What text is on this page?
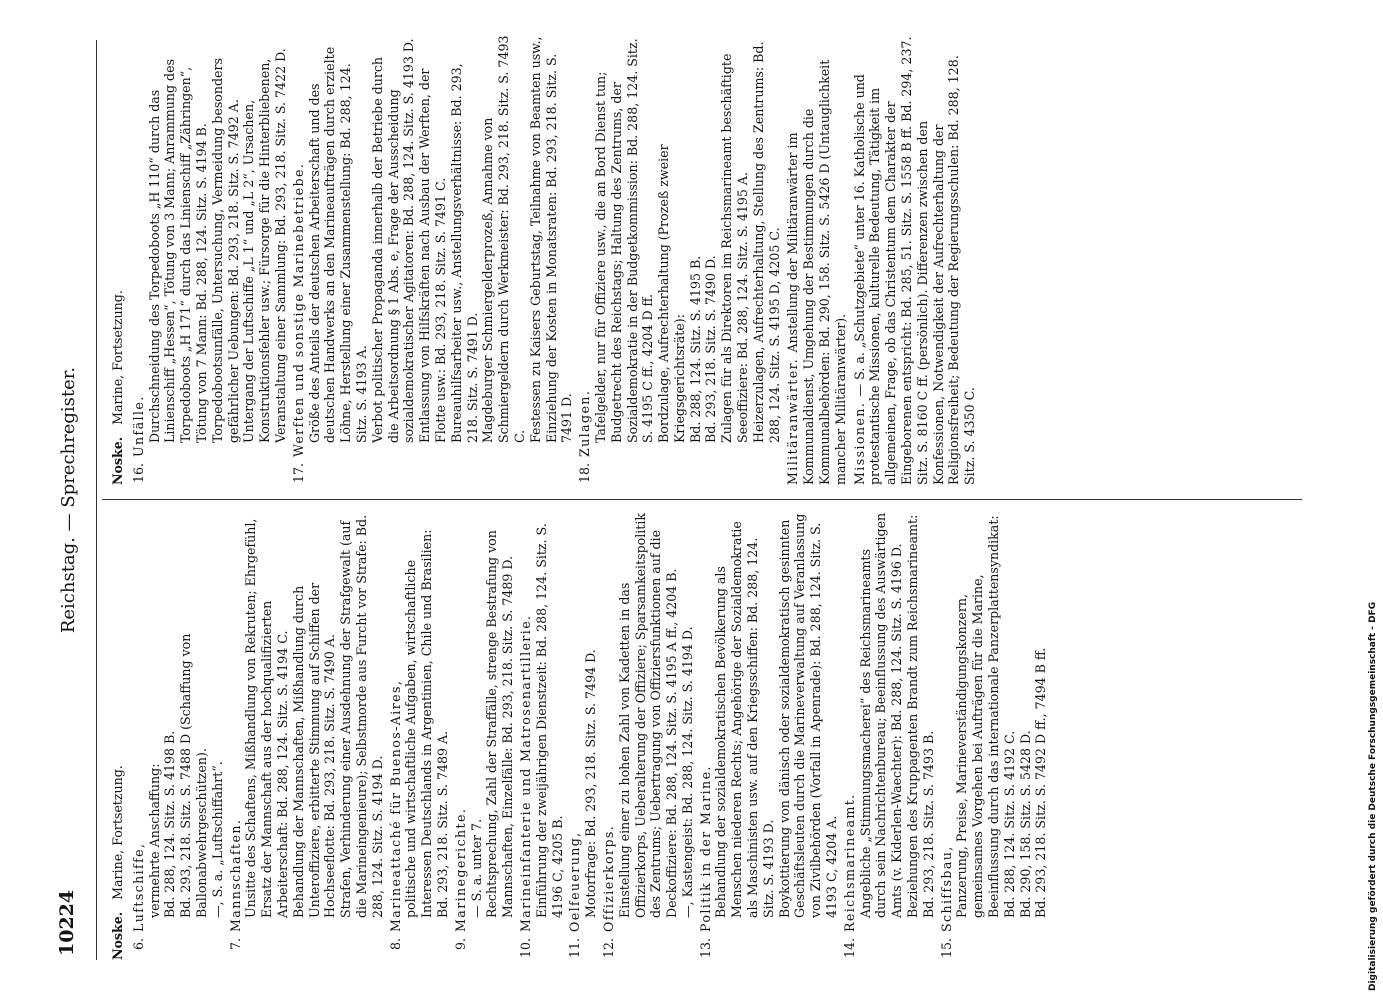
10224
Reichstag. — Sprechregister.
Noske. Marine, Fortsetzung.
6.
Luftschiffe, vermehrte Anschaffung: Bd. 288, 124. Sitz. S. 4198 B. Bd. 293, 218. Sitz. S. 7488 D (Schaffung von Ballonabwehrgeschützen). —, S. a. „Luftschiffahrt“.
7.
Mannschaften. Unsitte des Schaftens, Mißhandlung von Rekruten; Ehrgefühl, Ersatz der Mannschaft aus der hochqualifizierten Arbeiterschaft: Bd. 288, 124. Sitz. S. 4194 C. Behandlung der Mannschaften, Mißhandlung durch Unteroffiziere, erbitterte Stimmung auf Schiffen der Hochseeflotte: Bd. 293, 218. Sitz. S. 7490 A. Strafen, Verhinderung einer Ausdehnung der Strafgewalt (auf die Marineingenieure); Selbstmorde aus Furcht vor Strafe: Bd. 288, 124. Sitz. S. 4194 D.
8.
Marineattaché für Buenos-Aires, politische und wirtschaftliche Aufgaben, wirtschaftliche Interessen Deutschlands in Argentinien, Chile und Brasilien: Bd. 293, 218. Sitz. S. 7489 A.
9.
Marinegerichte. — S. a. unter 7. Rechtsprechung, Zahl der Straffälle, strenge Bestrafung von Mannschaften, Einzelfälle: Bd. 293, 218. Sitz. S. 7489 D.
10.
Marineinfanterie und Matrosenartillerie. Einführung der zweijährigen Dienstzeit: Bd. 288, 124. Sitz. S. 4196 C, 4205 B.
11.
Oelfeuerung, Motorfrage: Bd. 293, 218. Sitz. S. 7494 D.
12.
Offizierkorps. Einstellung einer zu hohen Zahl von Kadetten in das Offizierkorps, Ueberalterung der Offiziere; Sparsamkeitspolitik des Zentrums; Uebertragung von Offiziersfunktionen auf die Deckoffiziere: Bd. 288, 124. Sitz. S. 4195 A ff., 4204 B. —, Kastengeist: Bd. 288, 124. Sitz. S. 4194 D.
13.
Politik in der Marine. Behandlung der sozialdemokratischen Bevölkerung als Menschen niederen Rechts; Angehörige der Sozialdemokratie als Maschinisten usw. auf den Kriegsschiffen: Bd. 288, 124. Sitz. S. 4193 D. Boykottierung von dänisch oder sozialdemokratisch gesinnten Geschäftsleuten durch die Marineverwaltung auf Veranlassung von Zivilbehörden (Vorfall in Apenrade): Bd. 288, 124. Sitz. S. 4193 C, 4204 A.
14.
Reichsmarineamt. Angebliche „Stimmungsmacherei“ des Reichsmarineamts durch sein Nachrichtenbureau; Beeinflussung des Auswärtigen Amts (v. Kiderlen-Waechter): Bd. 288, 124. Sitz. S. 4196 D. Beziehungen des Kruppagenten Brandt zum Reichsmarineamt: Bd. 293, 218. Sitz. S. 7493 B.
15.
Schiffsbau, Panzerung, Preise, Marineverständigungskonzern, gemeinsames Vorgehen bei Aufträgen für die Marine, Beeinflussung durch das internationale Panzerplattensyndikat: Bd. 288, 124. Sitz. S. 4192 C. Bd. 290, 158. Sitz. S. 5428 D. Bd. 293, 218. Sitz. S. 7492 D ff., 7494 B ff.
Noske. Marine, Fortsetzung.
16.
Unfälle. Durchschneidung des Torpedoboots „H 110“ durch das Linienschiff „Hessen“, Tötung von 3 Mann; Anrammung des Torpedoboots „H 171“ durch das Linienschiff „Zähringen“, Tötung von 7 Mann: Bd. 288, 124. Sitz. S. 4194 B. Torpedobootsunfälle, Untersuchung, Vermeidung besonders gefährlicher Uebungen: Bd. 293, 218. Sitz. S. 7492 A. Untergang der Luftschiffe „L 1“ und „L 2“, Ursachen, Konstruktionsfehler usw.; Fürsorge für die Hinterbliebenen, Veranstaltung einer Sammlung: Bd. 293, 218. Sitz. S. 7422 D.
17.
Werften und sonstige Marinebetriebe. Größe des Anteils der deutschen Arbeiterschaft und des deutschen Handwerks an den Marineaufträgen durch erzielte Löhne, Herstellung einer Zusammenstellung: Bd. 288, 124. Sitz. S. 4193 A. Verbot politischer Propaganda innerhalb der Betriebe durch die Arbeitsordnung § 1 Abs. e, Frage der Ausscheidung sozialdemokratischer Agitatoren: Bd. 288, 124. Sitz. S. 4193 D. Entlassung von Hilfskräften nach Ausbau der Werften, der Flotte usw.: Bd. 293, 218. Sitz. S. 7491 C. Bureauhilfsarbeiter usw., Anstellungsverhältnisse: Bd. 293, 218. Sitz. S. 7491 D. Magdeburger Schmiergelderprozeß, Annahme von Schmiergeldern durch Werkmeister: Bd. 293, 218. Sitz. S. 7493 C. Festessen zu Kaisers Geburtstag, Teilnahme von Beamten usw., Einziehung der Kosten in Monatsraten: Bd. 293, 218. Sitz. S. 7491 D.
18.
Zulagen. Tafelgelder, nur für Offiziere usw., die an Bord Dienst tun; Budgetrecht des Reichstags; Haltung des Zentrums, der Sozialdemokratie in der Budgetkommission: Bd. 288, 124. Sitz. S. 4195 C ff., 4204 D ff. Bordzulage, Aufrechterhaltung (Prozeß zweier Kriegsgerichtsräte): Bd. 288, 124. Sitz. S. 4195 B. Bd. 293, 218. Sitz. S. 7490 D. Zulagen für als Direktoren im Reichsmarineamt beschäftigte Seeoffiziere: Bd. 288, 124. Sitz. S. 4195 A. Heizerzulagen, Aufrechterhaltung, Stellung des Zentrums: Bd. 288, 124. Sitz. S. 4195 D, 4205 C. Militäranwärter. Anstellung der Militäranwärter im Kommunaldienst, Umgehung der Bestimmungen durch die Kommunalbehörden: Bd. 290, 158. Sitz. S. 5426 D (Untauglichkeit mancher Militäranwärter). Missionen. — S. a. „Schutzgebiete“ unter 16. Katholische und protestantische Missionen, kulturelle Bedeutung, Tätigkeit im allgemeinen, Frage, ob das Christentum dem Charakter der Eingeborenen entspricht: Bd. 285, 51. Sitz. S. 1558 B ff. Bd. 294, 237. Sitz. S. 8160 C ff. (persönlich). Differenzen zwischen den Konfessionen, Notwendigkeit der Aufrechterhaltung der Religionsfreiheit; Bedeutung der Regierungsschulen: Bd. 288, 128. Sitz. S. 4350 C.
Digitalisierung gefördert durch die Deutsche Forschungsgemeinschaft - DFG
